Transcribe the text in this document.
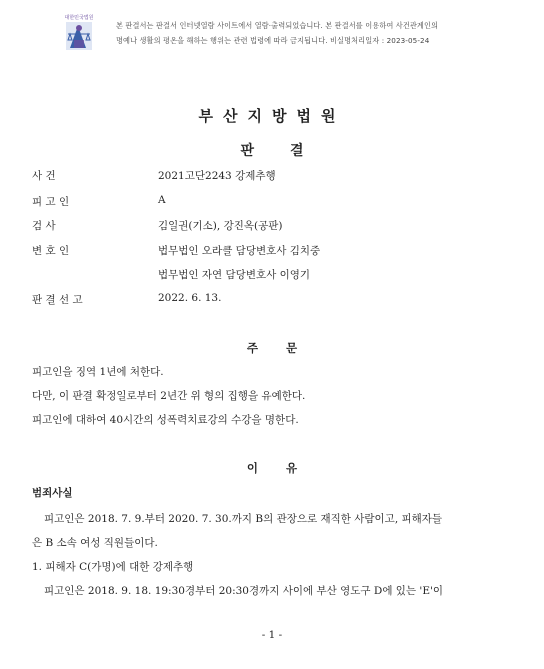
대한민국법원
본 판결서는 판결서 인터넷열람 사이트에서 열람·출력되었습니다. 본 판결서를 이용하여 사건관계인의
명예나 생활의 평온을 해하는 행위는 관련 법령에 따라 금지됩니다. 비실명처리일자 : 2023-05-24
부산지방법원
판	결
사 건	2021고단2243 강제추행
피 고 인	A
검 사	김일권(기소), 강진옥(공판)
변 호 인	법무법인 오라클 담당변호사 김치중
법무법인 자연 담당변호사 이영기
판 결 선 고	2022. 6. 13.
주 문
피고인을 징역 1년에 처한다.
다만, 이 판결 확정일로부터 2년간 위 형의 집행을 유예한다.
피고인에 대하여 40시간의 성폭력치료강의 수강을 명한다.
이 유
범죄사실
피고인은 2018. 7. 9.부터 2020. 7. 30.까지 B의 관장으로 재직한 사람이고, 피해자들
은 B 소속 여성 직원들이다.
1. 피해자 C(가명)에 대한 강제추행
피고인은 2018. 9. 18. 19:30경부터 20:30경까지 사이에 부산 영도구 D에 있는 'E'이
- 1 -
